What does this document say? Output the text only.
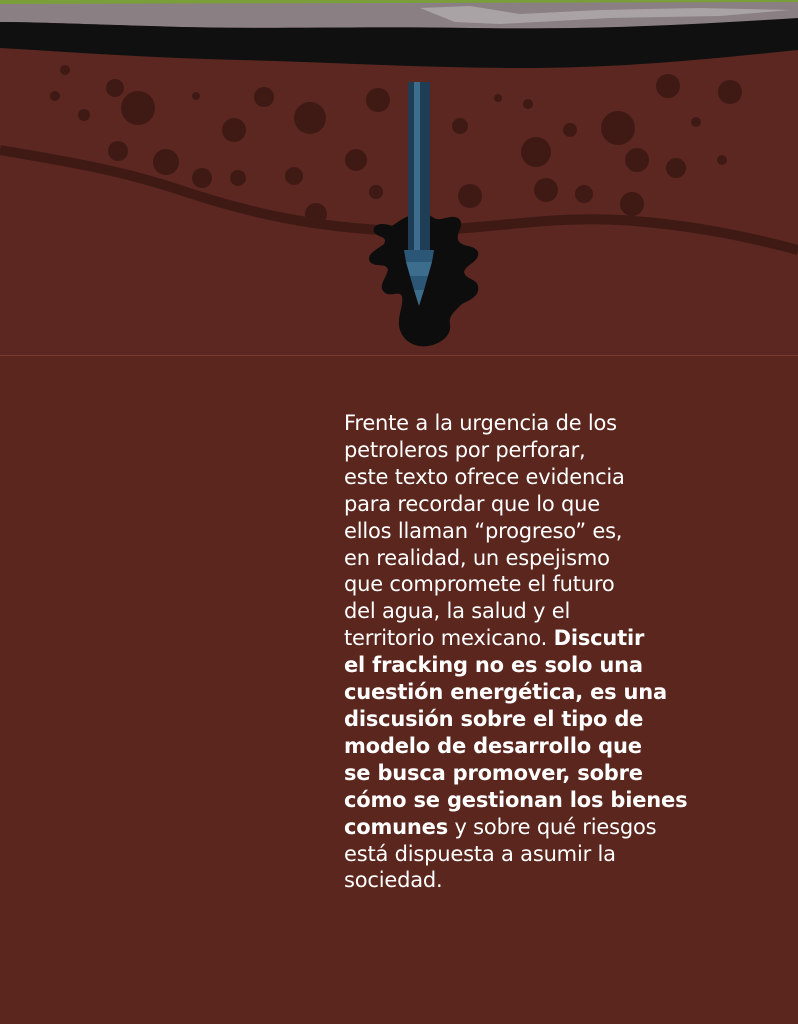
Frente a la urgencia de los
petroleros por perforar,
este texto ofrece evidencia
para recordar que lo que
ellos llaman “progreso” es,
en realidad, un espejismo
que compromete el futuro
del agua, la salud y el
territorio mexicano. Discutir
el fracking no es solo una
cuestión energética, es una
discusión sobre el tipo de
modelo de desarrollo que
se busca promover, sobre
cómo se gestionan los bienes
comunes y sobre qué riesgos
está dispuesta a asumir la
sociedad.
